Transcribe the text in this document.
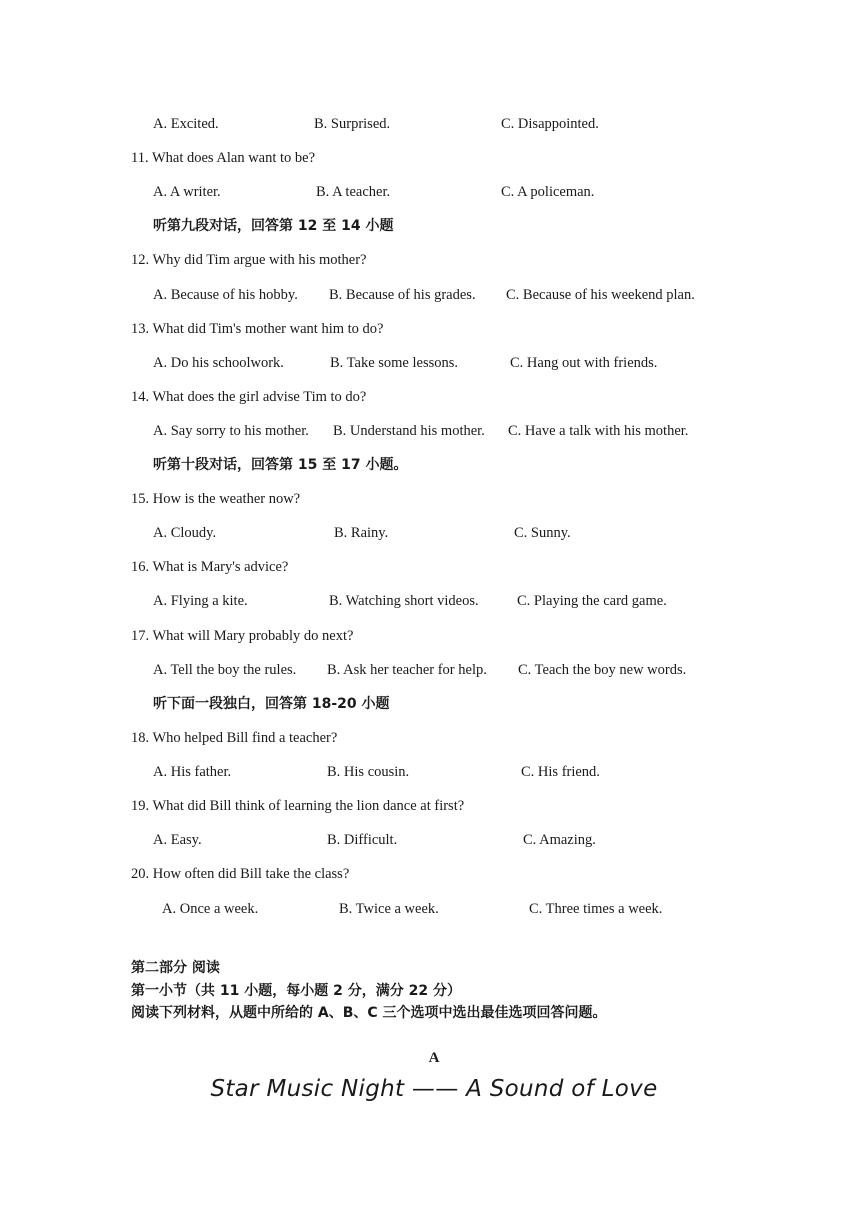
A. Excited.	B. Surprised.	C. Disappointed.
11. What does Alan want to be?
A. A writer.	B. A teacher.	C. A policeman.
听第九段对话，回答第 12 至 14 小题
12. Why did Tim argue with his mother?
A. Because of his hobby. B. Because of his grades. C. Because of his weekend plan.
13. What did Tim's mother want him to do?
A. Do his schoolwork.	B. Take some lessons.	C. Hang out with friends.
14. What does the girl advise Tim to do?
A. Say sorry to his mother. B. Understand his mother. C. Have a talk with his mother.
听第十段对话，回答第 15 至 17 小题。
15. How is the weather now?
A. Cloudy.	B. Rainy.	C. Sunny.
16. What is Mary's advice?
A. Flying a kite.	B. Watching short videos.	C. Playing the card game.
17. What will Mary probably do next?
A. Tell the boy the rules. B. Ask her teacher for help. C. Teach the boy new words.
听下面一段独白，回答第 18-20 小题
18. Who helped Bill find a teacher?
A. His father.	B. His cousin.	C. His friend.
19. What did Bill think of learning the lion dance at first?
A. Easy.	B. Difficult.	C. Amazing.
20. How often did Bill take the class?
A. Once a week.	B. Twice a week.	C. Three times a week.
第二部分 阅读
第一小节（共 11 小题，每小题 2 分，满分 22 分）
阅读下列材料，从题中所给的 A、B、C 三个选项中选出最佳选项回答问题。
A
Star Music Night —— A Sound of Love
